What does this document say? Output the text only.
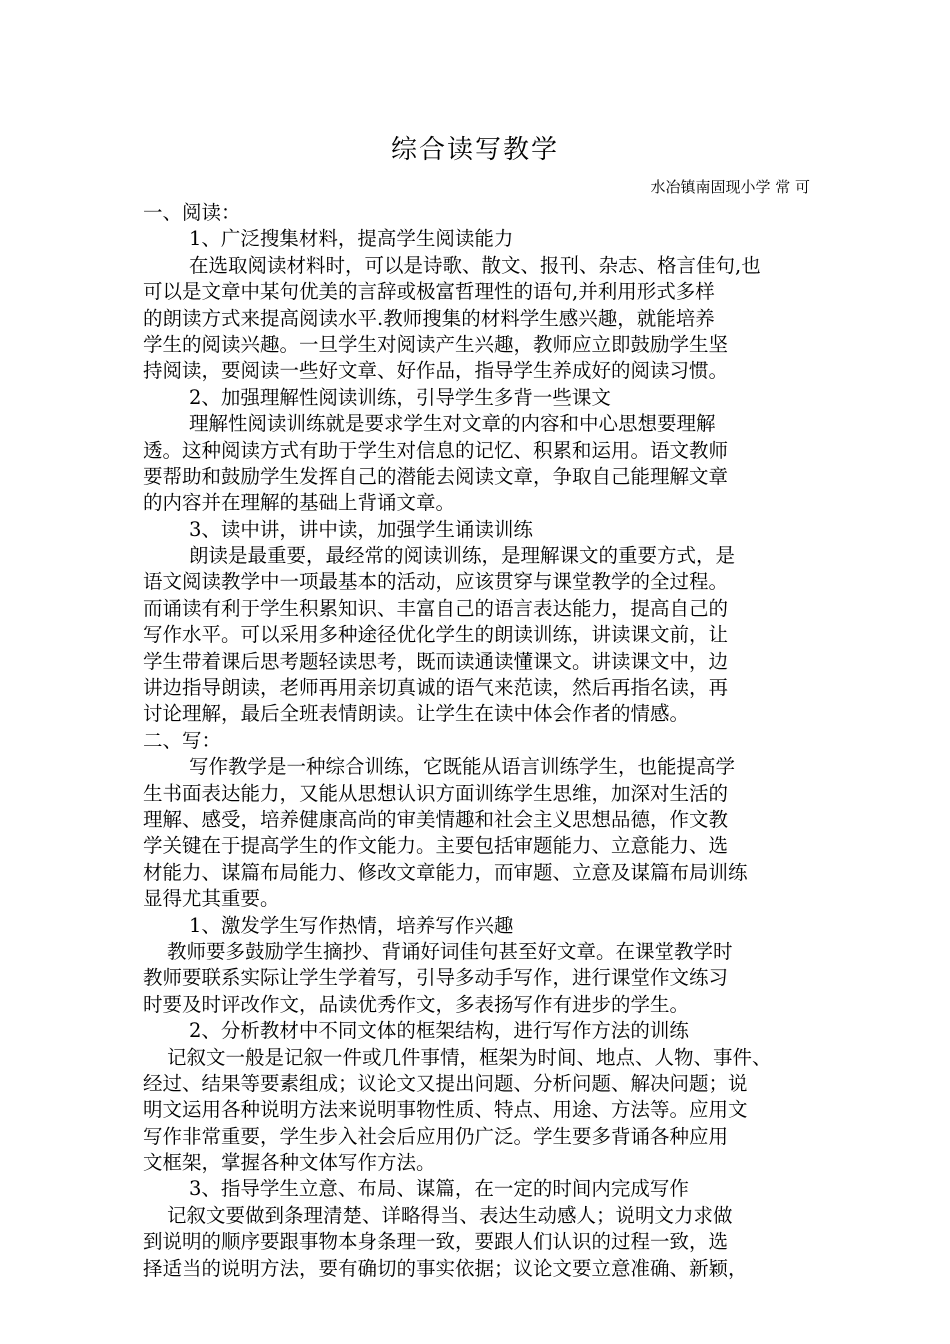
综合读写教学
水冶镇南固现小学 常 可
一、阅读：
1、广泛搜集材料，提高学生阅读能力
在选取阅读材料时，可以是诗歌、散文、报刊、杂志、格言佳句,也
可以是文章中某句优美的言辞或极富哲理性的语句,并利用形式多样
的朗读方式来提高阅读水平.教师搜集的材料学生感兴趣，就能培养
学生的阅读兴趣。一旦学生对阅读产生兴趣，教师应立即鼓励学生坚
持阅读，要阅读一些好文章、好作品，指导学生养成好的阅读习惯。
2、加强理解性阅读训练，引导学生多背一些课文
理解性阅读训练就是要求学生对文章的内容和中心思想要理解
透。这种阅读方式有助于学生对信息的记忆、积累和运用。语文教师
要帮助和鼓励学生发挥自己的潜能去阅读文章，争取自己能理解文章
的内容并在理解的基础上背诵文章。
3、读中讲，讲中读，加强学生诵读训练
朗读是最重要，最经常的阅读训练，是理解课文的重要方式，是
语文阅读教学中一项最基本的活动，应该贯穿与课堂教学的全过程。
而诵读有利于学生积累知识、丰富自己的语言表达能力，提高自己的
写作水平。可以采用多种途径优化学生的朗读训练，讲读课文前，让
学生带着课后思考题轻读思考，既而读通读懂课文。讲读课文中，边
讲边指导朗读，老师再用亲切真诚的语气来范读，然后再指名读，再
讨论理解，最后全班表情朗读。让学生在读中体会作者的情感。
二、写：
写作教学是一种综合训练，它既能从语言训练学生，也能提高学
生书面表达能力，又能从思想认识方面训练学生思维，加深对生活的
理解、感受，培养健康高尚的审美情趣和社会主义思想品德，作文教
学关键在于提高学生的作文能力。主要包括审题能力、立意能力、选
材能力、谋篇布局能力、修改文章能力，而审题、立意及谋篇布局训练
显得尤其重要。
1、激发学生写作热情，培养写作兴趣
教师要多鼓励学生摘抄、背诵好词佳句甚至好文章。在课堂教学时
教师要联系实际让学生学着写，引导多动手写作，进行课堂作文练习
时要及时评改作文，品读优秀作文，多表扬写作有进步的学生。
2、分析教材中不同文体的框架结构，进行写作方法的训练
记叙文一般是记叙一件或几件事情，框架为时间、地点、人物、事件、
经过、结果等要素组成；议论文又提出问题、分析问题、解决问题；说
明文运用各种说明方法来说明事物性质、特点、用途、方法等。应用文
写作非常重要，学生步入社会后应用仍广泛。学生要多背诵各种应用
文框架，掌握各种文体写作方法。
3、指导学生立意、布局、谋篇，在一定的时间内完成写作
记叙文要做到条理清楚、详略得当、表达生动感人；说明文力求做
到说明的顺序要跟事物本身条理一致，要跟人们认识的过程一致，选
择适当的说明方法，要有确切的事实依据；议论文要立意准确、新颖，
